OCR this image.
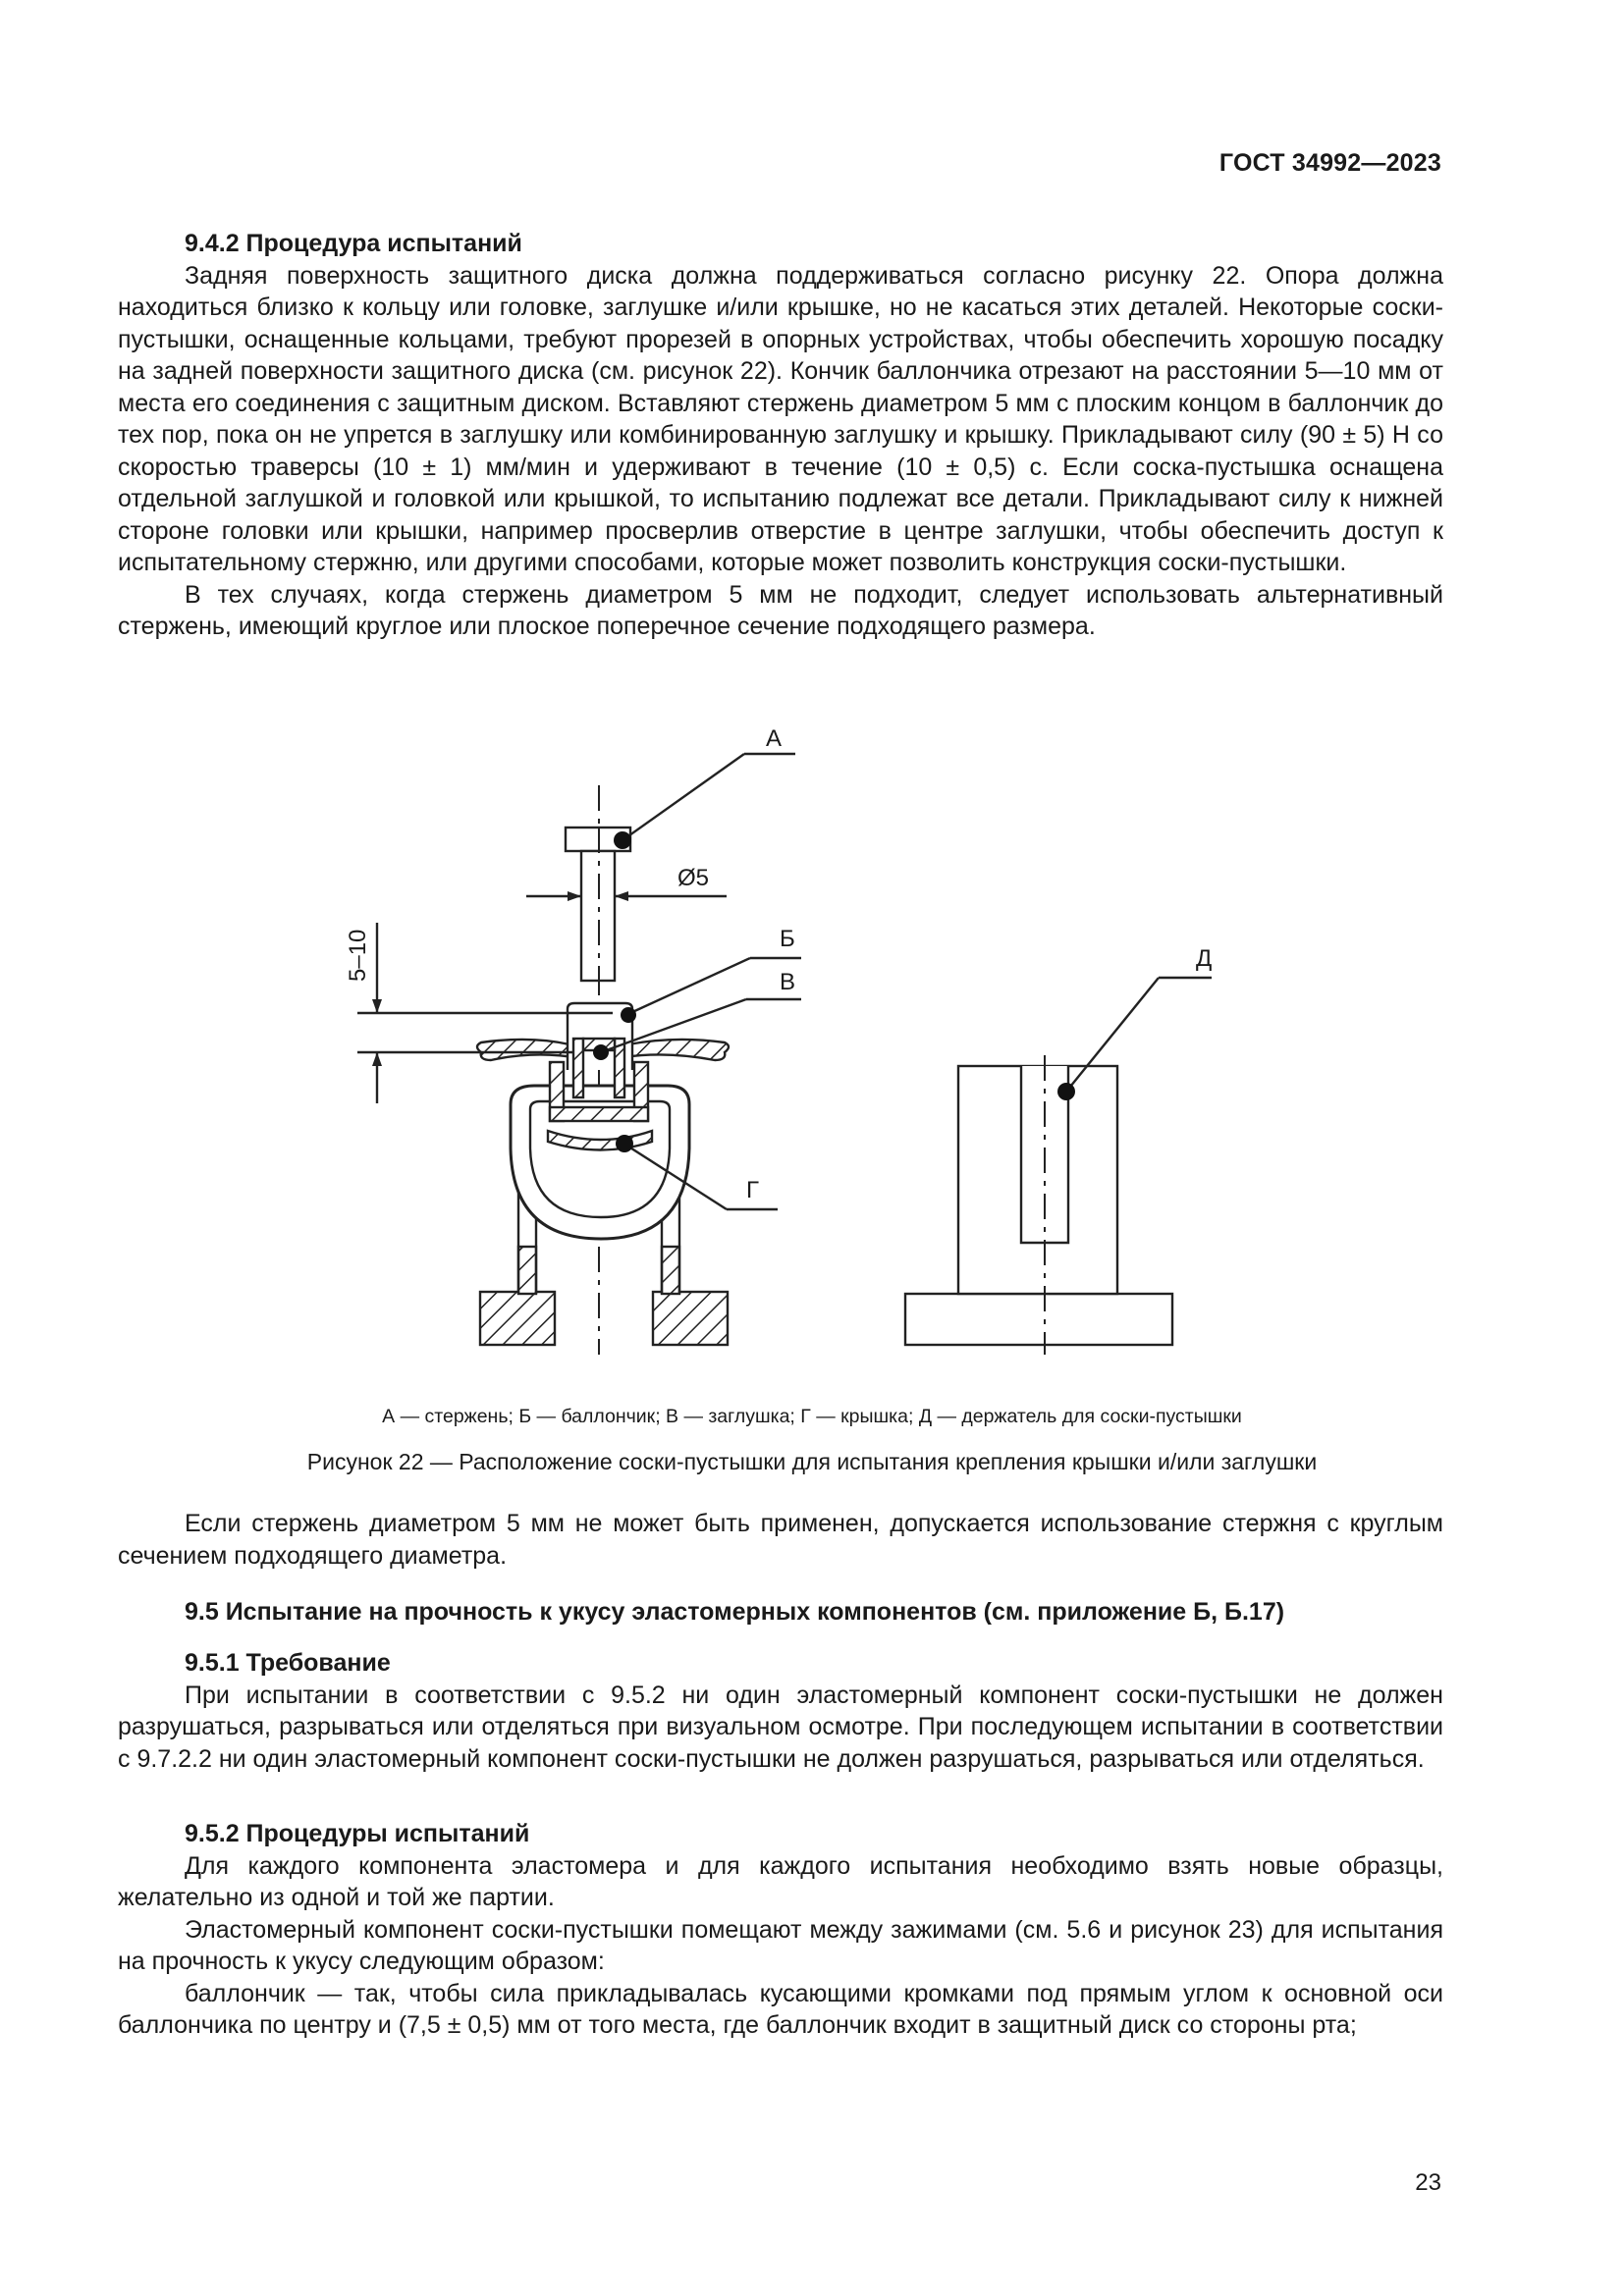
ГОСТ 34992—2023
9.4.2 Процедура испытаний
Задняя поверхность защитного диска должна поддерживаться согласно рисунку 22. Опора должна находиться близко к кольцу или головке, заглушке и/или крышке, но не касаться этих деталей. Некоторые соски-пустышки, оснащенные кольцами, требуют прорезей в опорных устройствах, чтобы обеспечить хорошую посадку на задней поверхности защитного диска (см. рисунок 22). Кончик баллончика отрезают на расстоянии 5—10 мм от места его соединения с защитным диском. Вставляют стержень диаметром 5 мм с плоским концом в баллончик до тех пор, пока он не упрется в заглушку или комбинированную заглушку и крышку. Прикладывают силу (90 ± 5) Н со скоростью траверсы (10 ± 1) мм/мин и удерживают в течение (10 ± 0,5) с. Если соска-пустышка оснащена отдельной заглушкой и головкой или крышкой, то испытанию подлежат все детали. Прикладывают силу к нижней стороне головки или крышки, например просверлив отверстие в центре заглушки, чтобы обеспечить доступ к испытательному стержню, или другими способами, которые может позволить конструкция соски-пустышки.
В тех случаях, когда стержень диаметром 5 мм не подходит, следует использовать альтернативный стержень, имеющий круглое или плоское поперечное сечение подходящего размера.
А
Б
В
Г
Д
Ø5
5–10
А — стержень; Б — баллончик; В — заглушка; Г — крышка; Д — держатель для соски-пустышки
Рисунок 22 — Расположение соски-пустышки для испытания крепления крышки и/или заглушки
Если стержень диаметром 5 мм не может быть применен, допускается использование стержня с круглым сечением подходящего диаметра.
9.5 Испытание на прочность к укусу эластомерных компонентов (см. приложение Б, Б.17)
9.5.1 Требование
При испытании в соответствии с 9.5.2 ни один эластомерный компонент соски-пустышки не должен разрушаться, разрываться или отделяться при визуальном осмотре. При последующем испытании в соответствии с 9.7.2.2 ни один эластомерный компонент соски-пустышки не должен разрушаться, разрываться или отделяться.
9.5.2 Процедуры испытаний
Для каждого компонента эластомера и для каждого испытания необходимо взять новые образцы, желательно из одной и той же партии.
Эластомерный компонент соски-пустышки помещают между зажимами (см. 5.6 и рисунок 23) для испытания на прочность к укусу следующим образом:
баллончик — так, чтобы сила прикладывалась кусающими кромками под прямым углом к основной оси баллончика по центру и (7,5 ± 0,5) мм от того места, где баллончик входит в защитный диск со стороны рта;
23
